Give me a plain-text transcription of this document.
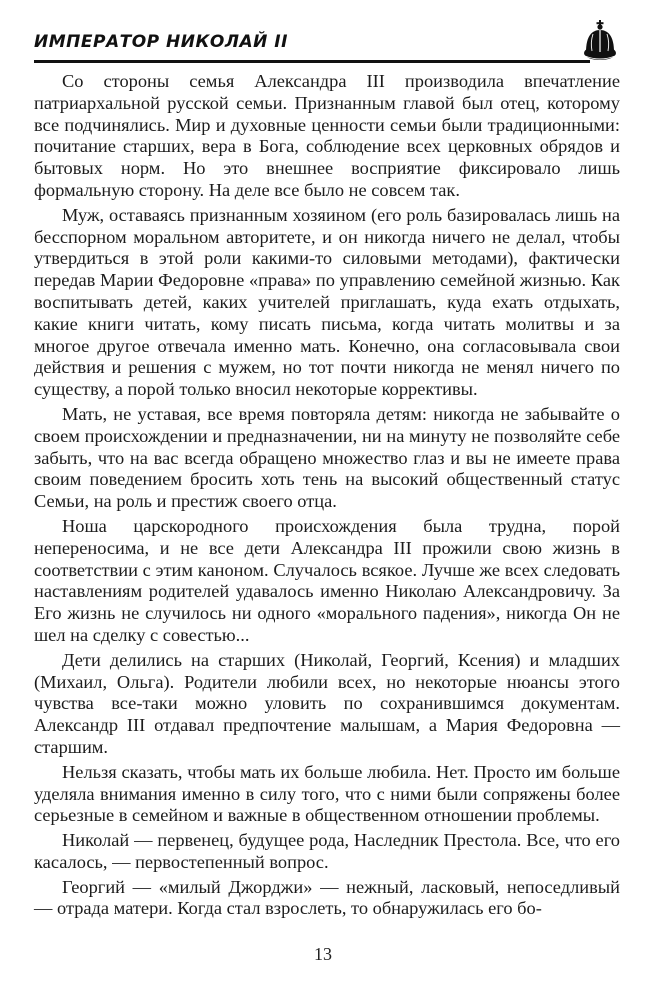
ИМПЕРАТОР НИКОЛАЙ II

Со стороны семья Александра III производила впечатление патриархальной русской семьи. Признанным главой был отец, которому все подчинялись. Мир и духовные ценности семьи были традиционными: почитание старших, вера в Бога, соблюдение всех церковных обрядов и бытовых норм. Но это внешнее восприятие фиксировало лишь формальную сторону. На деле все было не совсем так.

Муж, оставаясь признанным хозяином (его роль базировалась лишь на бесспорном моральном авторитете, и он никогда ничего не делал, чтобы утвердиться в этой роли какими-то силовыми методами), фактически передав Марии Федоровне «права» по управлению семейной жизнью. Как воспитывать детей, каких учителей приглашать, куда ехать отдыхать, какие книги читать, кому писать письма, когда читать молитвы и за многое другое отвечала именно мать. Конечно, она согласовывала свои действия и решения с мужем, но тот почти никогда не менял ничего по существу, а порой только вносил некоторые коррективы.

Мать, не уставая, все время повторяла детям: никогда не забывайте о своем происхождении и предназначении, ни на минуту не позволяйте себе забыть, что на вас всегда обращено множество глаз и вы не имеете права своим поведением бросить хоть тень на высокий общественный статус Семьи, на роль и престиж своего отца.

Ноша царскородного происхождения была трудна, порой непереносима, и не все дети Александра III прожили свою жизнь в соответствии с этим каноном. Случалось всякое. Лучше же всех следовать наставлениям родителей удавалось именно Николаю Александровичу. За Его жизнь не случилось ни одного «морального падения», никогда Он не шел на сделку с совестью...

Дети делились на старших (Николай, Георгий, Ксения) и младших (Михаил, Ольга). Родители любили всех, но некоторые нюансы этого чувства все-таки можно уловить по сохранившимся документам. Александр III отдавал предпочтение малышам, а Мария Федоровна — старшим.

Нельзя сказать, чтобы мать их больше любила. Нет. Просто им больше уделяла внимания именно в силу того, что с ними были сопряжены более серьезные в семейном и важные в общественном отношении проблемы.

Николай — первенец, будущее рода, Наследник Престола. Все, что его касалось, — первостепенный вопрос.

Георгий — «милый Джорджи» — нежный, ласковый, непоседливый — отрада матери. Когда стал взрослеть, то обнаружилась его бо-

13
